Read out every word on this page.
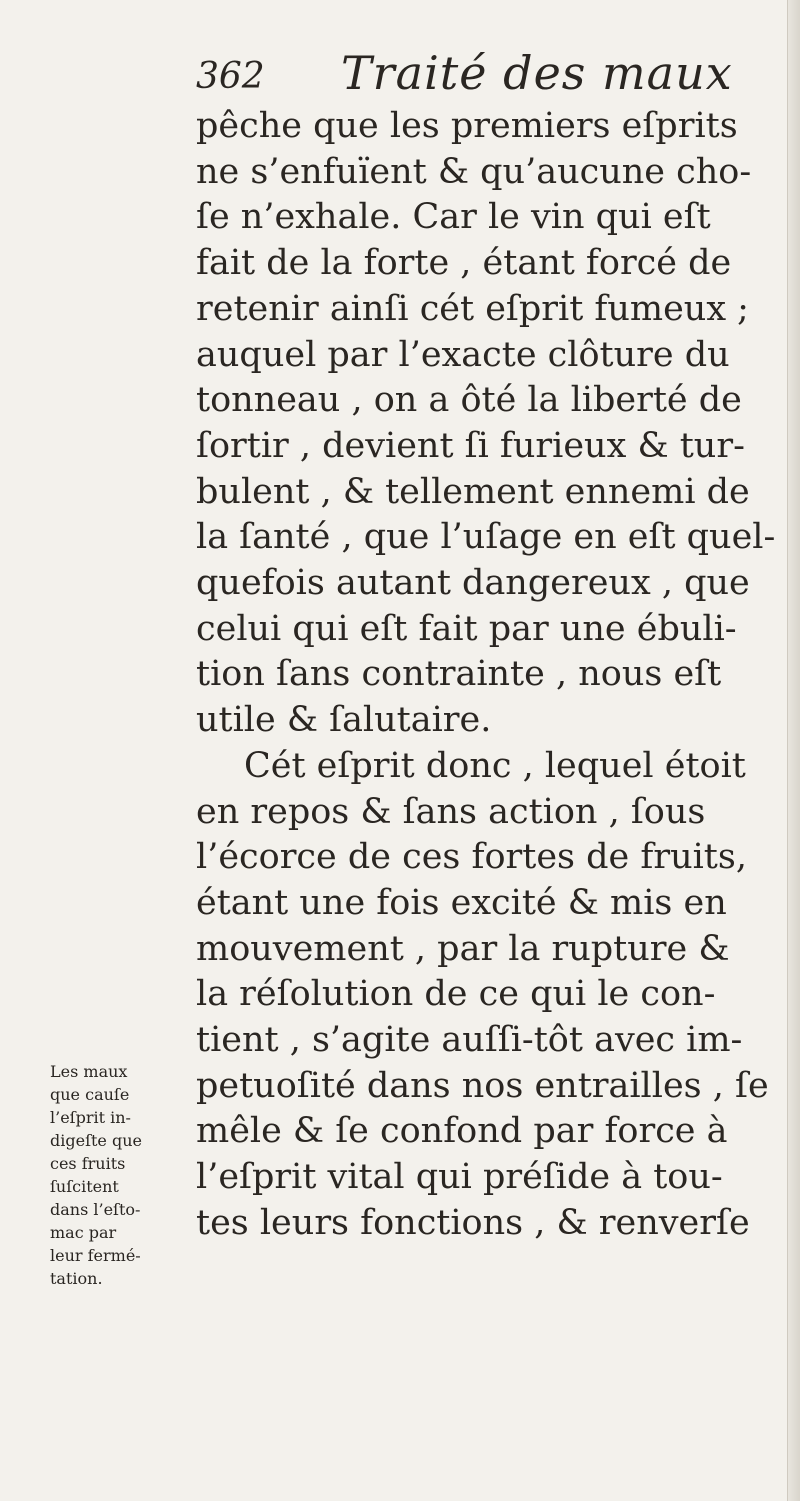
362 Traité des maux
pêche que les premiers eſprits
ne s’enfuïent & qu’aucune cho-
ſe n’exhale. Car le vin qui eſt
fait de la forte , étant forcé de
retenir ainſi cét eſprit fumeux ;
auquel par l’exacte clôture du
tonneau , on a ôté la liberté de
ſortir , devient ſi furieux & tur-
bulent , & tellement ennemi de
la ſanté , que l’uſage en eſt quel-
quefois autant dangereux , que
celui qui eſt fait par une ébuli-
tion ſans contrainte , nous eſt
utile & ſalutaire.
Cét eſprit donc , lequel étoit
en repos & ſans action , ſous
l’écorce de ces fortes de fruits,
étant une fois excité & mis en
mouvement , par la rupture &
la réſolution de ce qui le con-
tient , s’agite auſſi-tôt avec im-
petuoſité dans nos entrailles , ſe
mêle & ſe confond par force à
l’eſprit vital qui préſide à tou-
tes leurs fonctions , & renverſe
Les maux
que cauſe
l’eſprit in-
digeſte que
ces fruits
ſuſcitent
dans l’eſto-
mac par
leur fermé-
tation.
